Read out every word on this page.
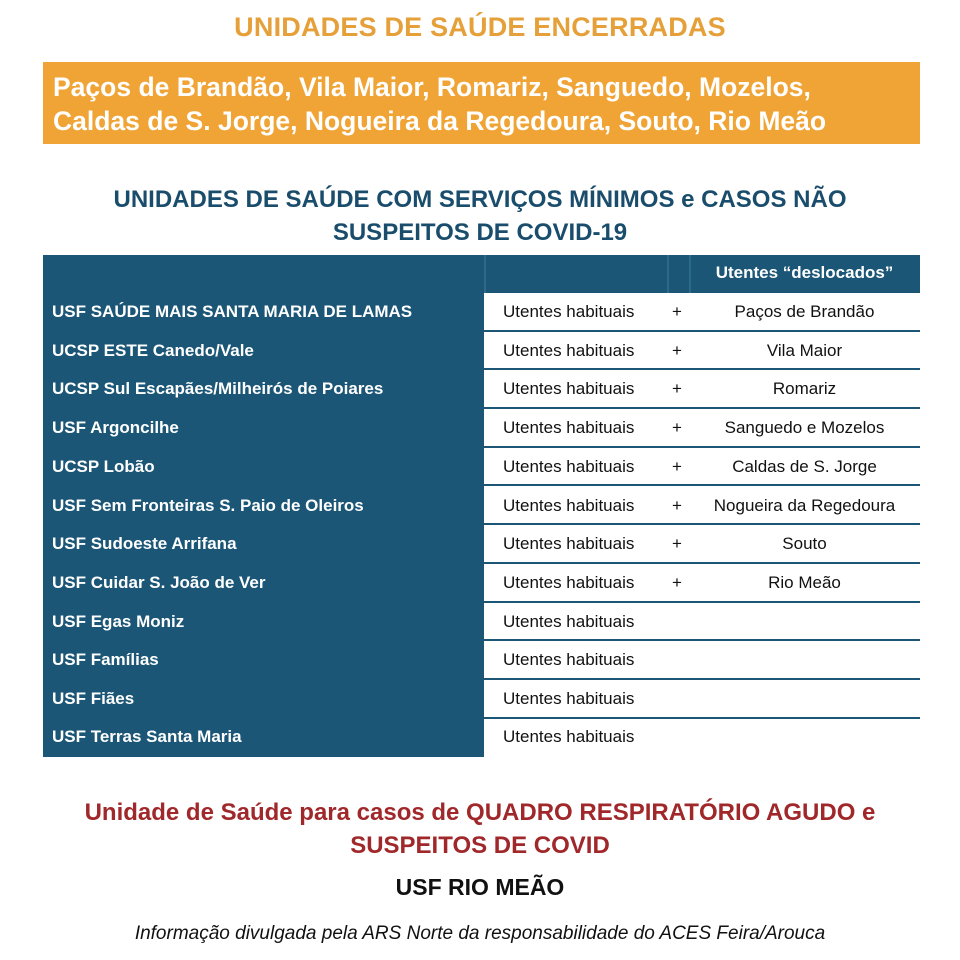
UNIDADES DE SAÚDE ENCERRADAS
Paços de Brandão, Vila Maior, Romariz, Sanguedo, Mozelos,
Caldas de S. Jorge, Nogueira da Regedoura, Souto, Rio Meão
UNIDADES DE SAÚDE COM SERVIÇOS MÍNIMOS e CASOS NÃO
SUSPEITOS DE COVID-19
Utentes “deslocados”
USF SAÚDE MAIS SANTA MARIA DE LAMAS	Utentes habituais	+	Paços de Brandão
UCSP ESTE Canedo/Vale	Utentes habituais	+	Vila Maior
UCSP Sul Escapães/Milheirós de Poiares	Utentes habituais	+	Romariz
USF Argoncilhe	Utentes habituais	+	Sanguedo e Mozelos
UCSP Lobão	Utentes habituais	+	Caldas de S. Jorge
USF Sem Fronteiras S. Paio de Oleiros	Utentes habituais	+	Nogueira da Regedoura
USF Sudoeste Arrifana	Utentes habituais	+	Souto
USF Cuidar S. João de Ver	Utentes habituais	+	Rio Meão
USF Egas Moniz	Utentes habituais
USF Famílias	Utentes habituais
USF Fiães	Utentes habituais
USF Terras Santa Maria	Utentes habituais
Unidade de Saúde para casos de QUADRO RESPIRATÓRIO AGUDO e
SUSPEITOS DE COVID
USF RIO MEÃO
Informação divulgada pela ARS Norte da responsabilidade do ACES Feira/Arouca
